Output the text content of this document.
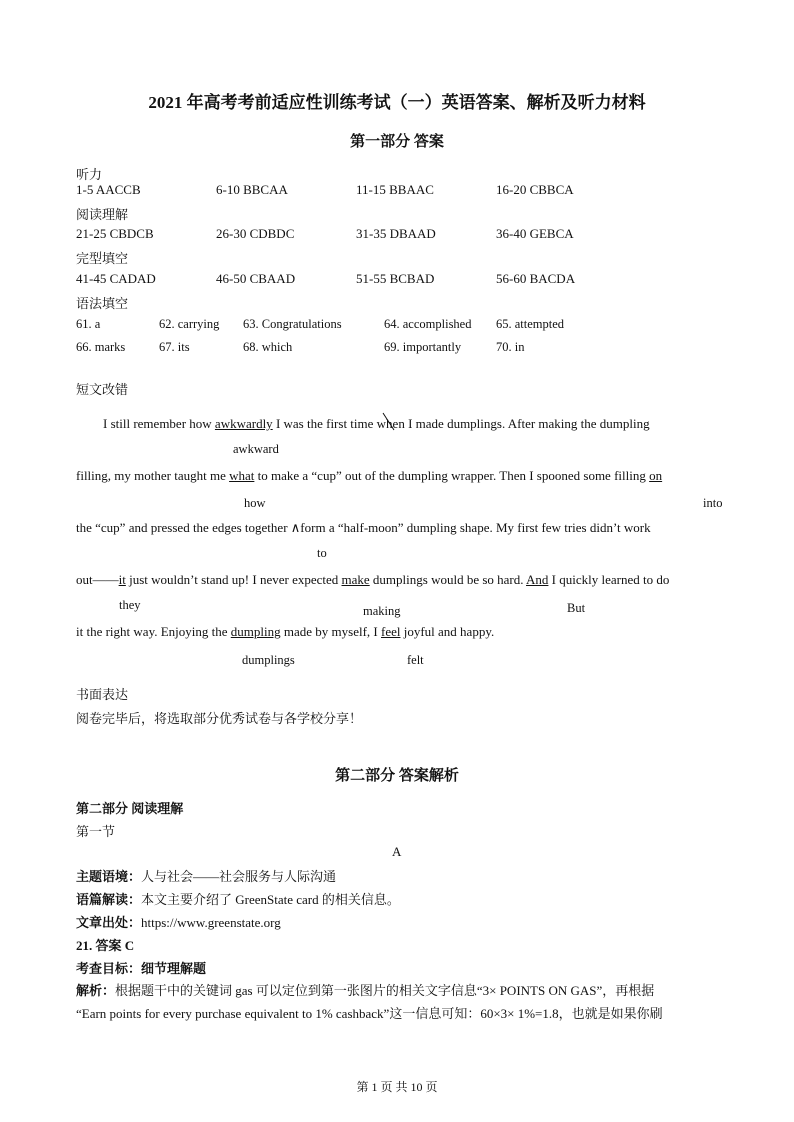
2021 年高考考前适应性训练考试（一）英语答案、解析及听力材料
第一部分 答案
听力
1-5 AACCB	6-10 BBCAA	11-15 BBAAC	16-20 CBBCA
阅读理解
21-25 CBDCB	26-30 CDBDC	31-35 DBAAD	36-40 GEBCA
完型填空
41-45 CADAD	46-50 CBAAD	51-55 BCBAD	56-60 BACDA
语法填空
61. a	62. carrying 63. Congratulations	64. accomplished 65. attempted
66. marks	67. its	68. which	69. importantly	70. in
短文改错
I still remember how awkwardly I was the first time when
I made dumplings. After making the dumpling
awkward
filling, my mother taught me what to make a “cup” out of the dumpling wrapper. Then I spooned some filling on
how	into
the “cup” and pressed the edges together ∧form a “half-moon” dumpling shape. My first few tries didn’t work
to
out——it just wouldn’t stand up! I never expected make dumplings would be so hard. And I quickly learned to do
they	making	But
it the right way. Enjoying the dumpling made by myself, I feel joyful and happy.
dumplings	felt
书面表达
阅卷完毕后，将选取部分优秀试卷与各学校分享！
第二部分 答案解析
第二部分 阅读理解
第一节
A
主题语境：人与社会——社会服务与人际沟通
语篇解读：本文主要介绍了 GreenState card 的相关信息。
文章出处：https://www.greenstate.org
21. 答案 C
考查目标：细节理解题
解析：根据题干中的关键词 gas 可以定位到第一张图片的相关文字信息“3× POINTS ON GAS”，再根据
“Earn points for every purchase equivalent to 1% cashback”这一信息可知：60×3× 1%=1.8，也就是如果你刷
第 1 页 共 10 页
